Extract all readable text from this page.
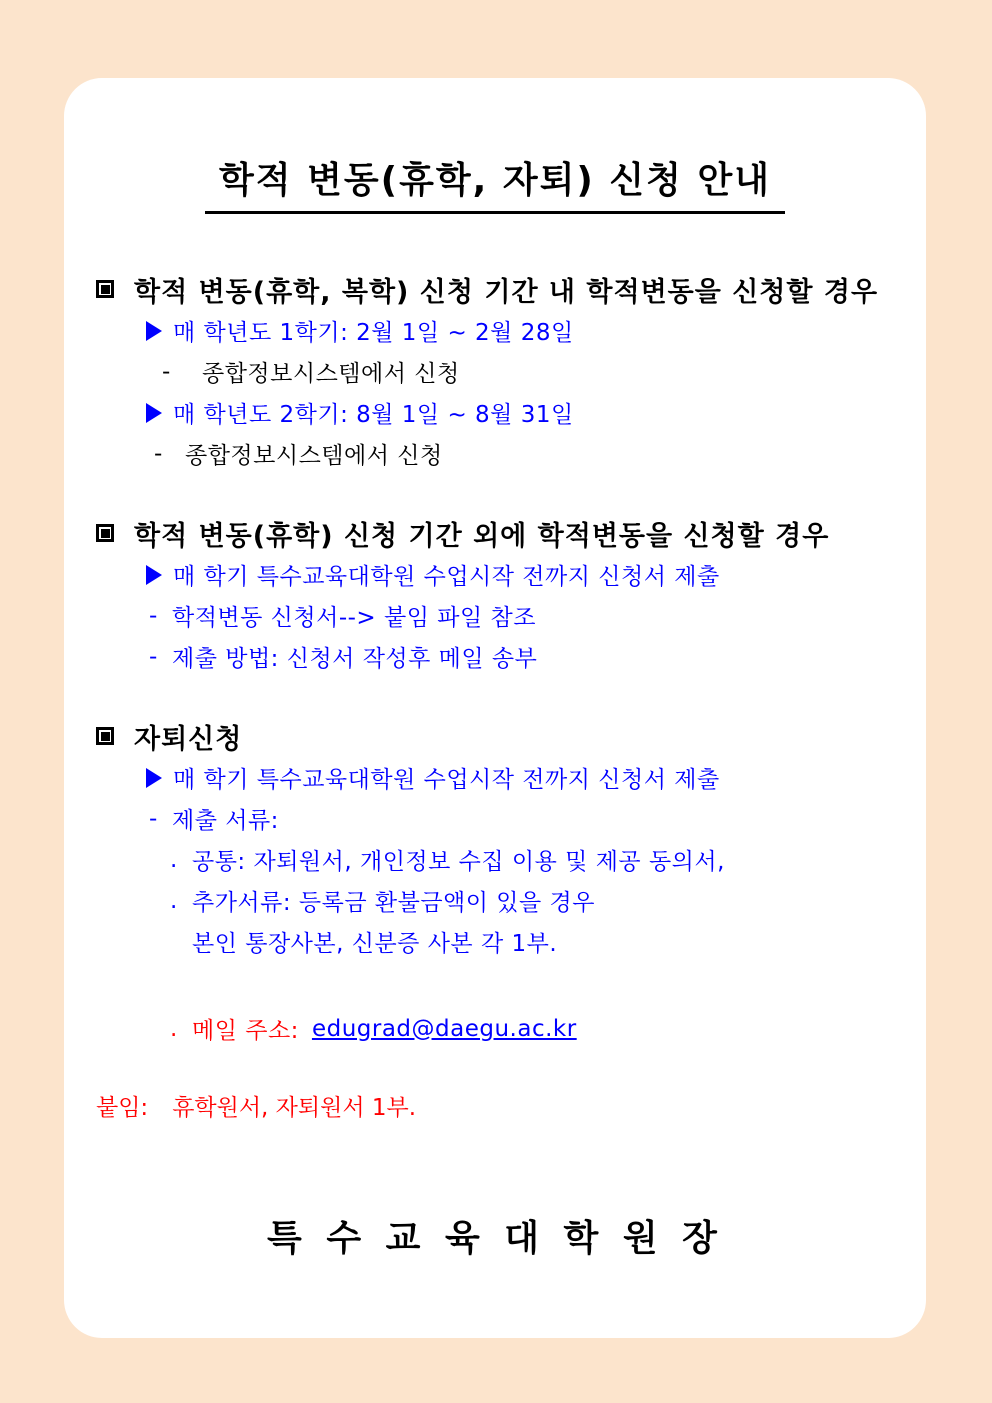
학적 변동(휴학, 자퇴) 신청 안내
학적 변동(휴학, 복학) 신청 기간 내 학적변동을 신청할 경우
매 학년도 1학기: 2월 1일 ~ 2월 28일
-	종합정보시스템에서 신청
매 학년도 2학기: 8월 1일 ~ 8월 31일
- 종합정보시스템에서 신청
학적 변동(휴학) 신청 기간 외에 학적변동을 신청할 경우
매 학기 특수교육대학원 수업시작 전까지 신청서 제출
- 학적변동 신청서--> 붙임 파일 참조
- 제출 방법: 신청서 작성후 메일 송부
자퇴신청
매 학기 특수교육대학원 수업시작 전까지 신청서 제출
- 제출 서류:
. 공통: 자퇴원서, 개인정보 수집 이용 및 제공 동의서,
. 추가서류: 등록금 환불금액이 있을 경우
본인 통장사본, 신분증 사본 각 1부.
. 메일 주소: edugrad@daegu.ac.kr
붙임: 휴학원서, 자퇴원서 1부.
특 수 교 육 대 학 원 장
